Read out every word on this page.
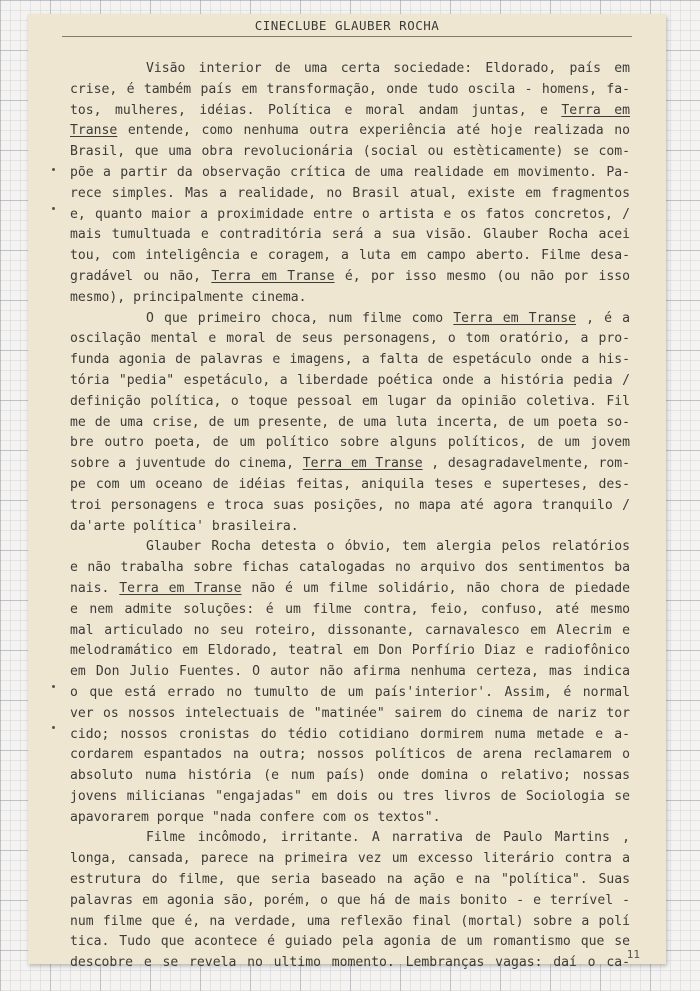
CINECLUBE GLAUBER ROCHA
Visão interior de uma certa sociedade: Eldorado, país em
crise, é também país em transformação, onde tudo oscila - homens, fa-
tos, mulheres, idéias. Política e moral andam juntas, e Terra em
Transe entende, como nenhuma outra experiência até hoje realizada no
Brasil, que uma obra revolucionária (social ou estèticamente) se com-
põe a partir da observação crítica de uma realidade em movimento. Pa-
rece simples. Mas a realidade, no Brasil atual, existe em fragmentos
e, quanto maior a proximidade entre o artista e os fatos concretos, /
mais tumultuada e contraditória será a sua visão. Glauber Rocha acei
tou, com inteligência e coragem, a luta em campo aberto. Filme desa-
gradável ou não, Terra em Transe é, por isso mesmo (ou não por isso
mesmo), principalmente cinema.
O que primeiro choca, num filme como Terra em Transe , é a
oscilação mental e moral de seus personagens, o tom oratório, a pro-
funda agonia de palavras e imagens, a falta de espetáculo onde a his-
tória "pedia" espetáculo, a liberdade poética onde a história pedia /
definição política, o toque pessoal em lugar da opinião coletiva. Fil
me de uma crise, de um presente, de uma luta incerta, de um poeta so-
bre outro poeta, de um político sobre alguns políticos, de um jovem
sobre a juventude do cinema, Terra em Transe , desagradavelmente, rom-
pe com um oceano de idéias feitas, aniquila teses e superteses, des-
troi personagens e troca suas posições, no mapa até agora tranquilo /
da'arte política' brasileira.
Glauber Rocha detesta o óbvio, tem alergia pelos relatórios
e não trabalha sobre fichas catalogadas no arquivo dos sentimentos ba
nais. Terra em Transe não é um filme solidário, não chora de piedade
e nem admite soluções: é um filme contra, feio, confuso, até mesmo
mal articulado no seu roteiro, dissonante, carnavalesco em Alecrim e
melodramático em Eldorado, teatral em Don Porfírio Diaz e radiofônico
em Don Julio Fuentes. O autor não afirma nenhuma certeza, mas indica
o que está errado no tumulto de um país'interior'. Assim, é normal
ver os nossos intelectuais de "matinée" sairem do cinema de nariz tor
cido; nossos cronistas do tédio cotidiano dormirem numa metade e a-
cordarem espantados na outra; nossos políticos de arena reclamarem o
absoluto numa história (e num país) onde domina o relativo; nossas
jovens milicianas "engajadas" em dois ou tres livros de Sociologia se
apavorarem porque "nada confere com os textos".
Filme incômodo, irritante. A narrativa de Paulo Martins ,
longa, cansada, parece na primeira vez um excesso literário contra a
estrutura do filme, que seria baseado na ação e na "política". Suas
palavras em agonia são, porém, o que há de mais bonito - e terrível -
num filme que é, na verdade, uma reflexão final (mortal) sobre a polí
tica. Tudo que acontece é guiado pela agonia de um romantismo que se
descobre e se revela no ultimo momento. Lembranças vagas: daí o ca-
11
